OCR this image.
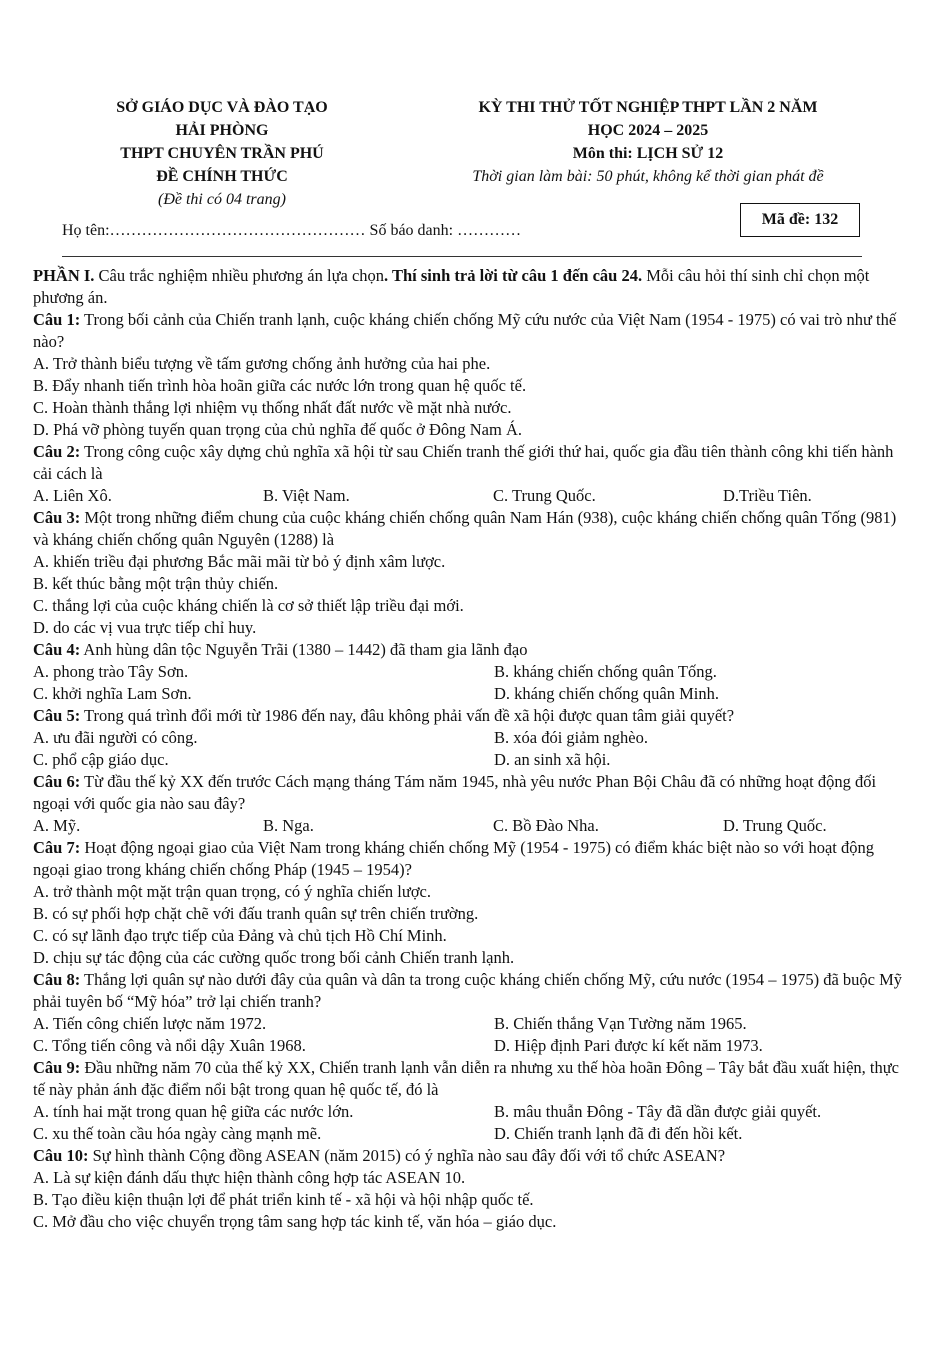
SỞ GIÁO DỤC VÀ ĐÀO TẠO
HẢI PHÒNG
THPT CHUYÊN TRẦN PHÚ
ĐỀ CHÍNH THỨC
(Đề thi có 04 trang)
KỲ THI THỬ TỐT NGHIỆP THPT LẦN 2 NĂM
HỌC 2024 – 2025
Môn thi: LỊCH SỬ 12
Thời gian làm bài: 50 phút, không kể thời gian phát đề
Mã đề: 132
Họ tên:………………………………………… Số báo danh: …………

PHẦN I. Câu trắc nghiệm nhiều phương án lựa chọn. Thí sinh trả lời từ câu 1 đến câu 24. Mỗi câu hỏi thí sinh chỉ chọn một phương án.

Câu 1: Trong bối cảnh của Chiến tranh lạnh, cuộc kháng chiến chống Mỹ cứu nước của Việt Nam (1954 - 1975) có vai trò như thế nào?

A. Trở thành biểu tượng về tấm gương chống ảnh hưởng của hai phe.

B. Đẩy nhanh tiến trình hòa hoãn giữa các nước lớn trong quan hệ quốc tế.

C. Hoàn thành thắng lợi nhiệm vụ thống nhất đất nước về mặt nhà nước.

D. Phá vỡ phòng tuyến quan trọng của chủ nghĩa đế quốc ở Đông Nam Á.

Câu 2: Trong công cuộc xây dựng chủ nghĩa xã hội từ sau Chiến tranh thế giới thứ hai, quốc gia đầu tiên thành công khi tiến hành cải cách là

A. Liên Xô.	B. Việt Nam.	C. Trung Quốc.	D.Triều Tiên.

Câu 3: Một trong những điểm chung của cuộc kháng chiến chống quân Nam Hán (938), cuộc kháng chiến chống quân Tống (981) và kháng chiến chống quân Nguyên (1288) là

A. khiến triều đại phương Bắc mãi mãi từ bỏ ý định xâm lược.

B. kết thúc bằng một trận thủy chiến.

C. thắng lợi của cuộc kháng chiến là cơ sở thiết lập triều đại mới.

D. do các vị vua trực tiếp chỉ huy.

Câu 4: Anh hùng dân tộc Nguyễn Trãi (1380 – 1442) đã tham gia lãnh đạo

A. phong trào Tây Sơn.	B. kháng chiến chống quân Tống.
C. khởi nghĩa Lam Sơn.	D. kháng chiến chống quân Minh.

Câu 5: Trong quá trình đổi mới từ 1986 đến nay, đâu không phải vấn đề xã hội được quan tâm giải quyết?

A. ưu đãi người có công.	B. xóa đói giảm nghèo.
C. phổ cập giáo dục.	D. an sinh xã hội.

Câu 6: Từ đầu thế kỷ XX đến trước Cách mạng tháng Tám năm 1945, nhà yêu nước Phan Bội Châu đã có những hoạt động đối ngoại với quốc gia nào sau đây?

A. Mỹ.	B. Nga.	C. Bồ Đào Nha.	D. Trung Quốc.

Câu 7: Hoạt động ngoại giao của Việt Nam trong kháng chiến chống Mỹ (1954 - 1975) có điểm khác biệt nào so với hoạt động ngoại giao trong kháng chiến chống Pháp (1945 – 1954)?

A. trở thành một mặt trận quan trọng, có ý nghĩa chiến lược.

B. có sự phối hợp chặt chẽ với đấu tranh quân sự trên chiến trường.

C. có sự lãnh đạo trực tiếp của Đảng và chủ tịch Hồ Chí Minh.

D. chịu sự tác động của các cường quốc trong bối cảnh Chiến tranh lạnh.

Câu 8: Thắng lợi quân sự nào dưới đây của quân và dân ta trong cuộc kháng chiến chống Mỹ, cứu nước (1954 – 1975) đã buộc Mỹ phải tuyên bố “Mỹ hóa” trở lại chiến tranh?

A. Tiến công chiến lược năm 1972.	B. Chiến thắng Vạn Tường năm 1965.
C. Tổng tiến công và nổi dậy Xuân 1968.	D. Hiệp định Pari được kí kết năm 1973.

Câu 9: Đầu những năm 70 của thế kỷ XX, Chiến tranh lạnh vẫn diễn ra nhưng xu thế hòa hoãn Đông – Tây bắt đầu xuất hiện, thực tế này phản ánh đặc điểm nổi bật trong quan hệ quốc tế, đó là

A. tính hai mặt trong quan hệ giữa các nước lớn.	B. mâu thuẫn Đông - Tây đã dần được giải quyết.
C. xu thế toàn cầu hóa ngày càng mạnh mẽ.	D. Chiến tranh lạnh đã đi đến hồi kết.

Câu 10: Sự hình thành Cộng đồng ASEAN (năm 2015) có ý nghĩa nào sau đây đối với tổ chức ASEAN?

A. Là sự kiện đánh dấu thực hiện thành công hợp tác ASEAN 10.

B. Tạo điều kiện thuận lợi để phát triển kinh tế - xã hội và hội nhập quốc tế.

C. Mở đầu cho việc chuyển trọng tâm sang hợp tác kinh tế, văn hóa – giáo dục.
